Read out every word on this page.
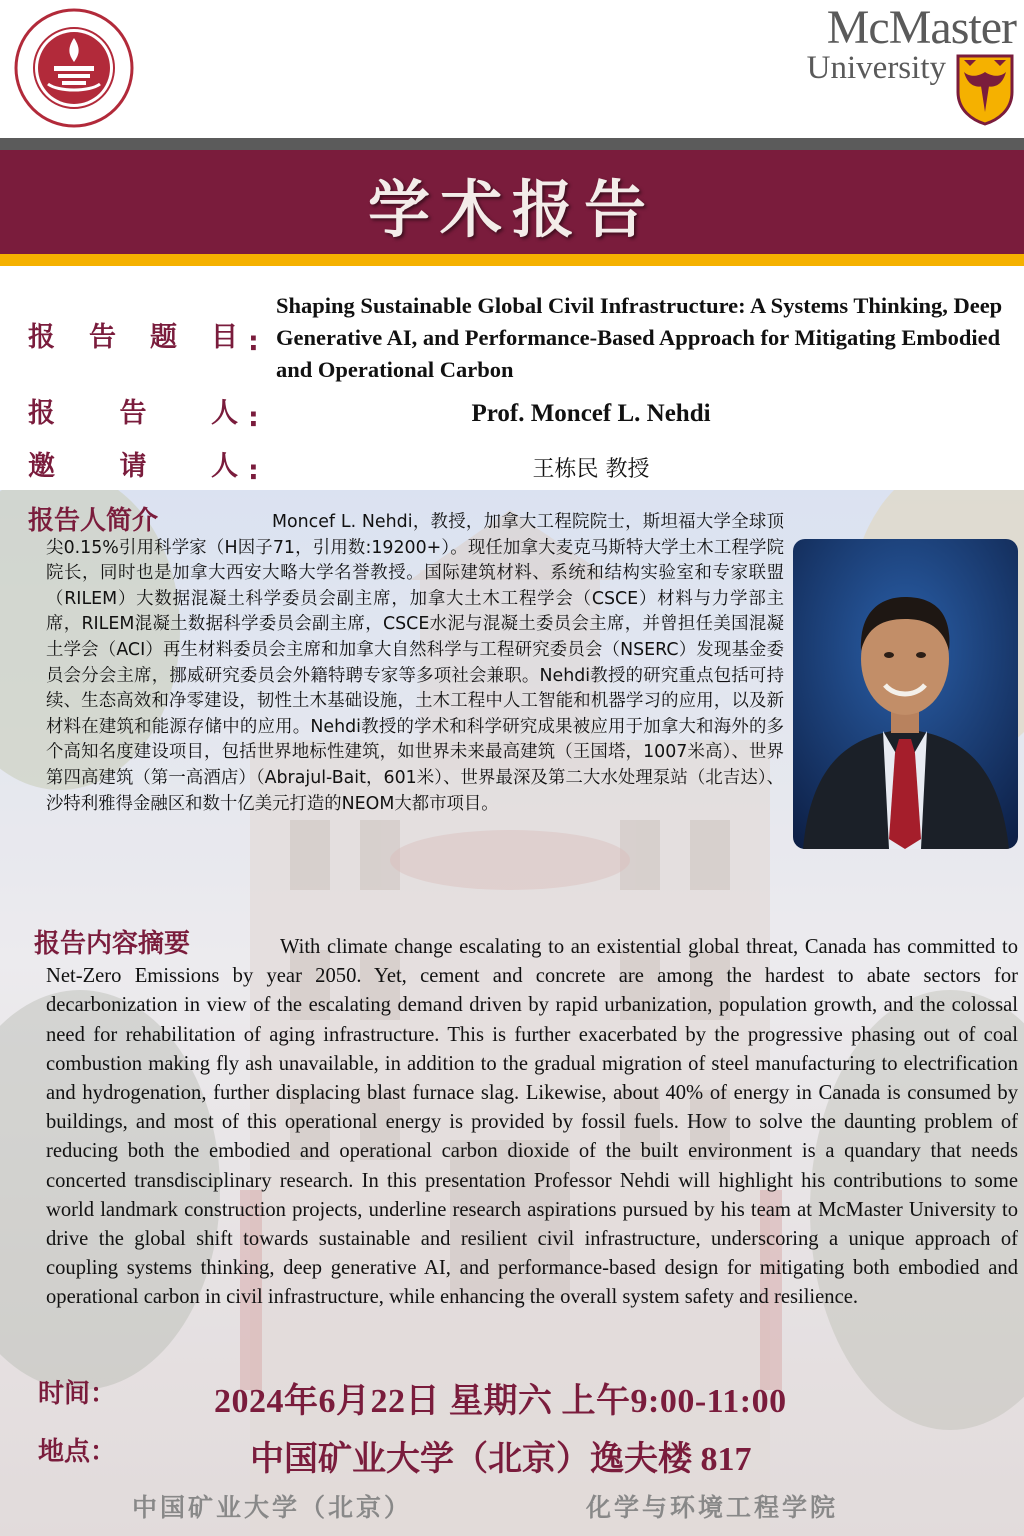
McMaster
University
学术报告
报 告 题 目 :
Shaping Sustainable Global Civil Infrastructure: A Systems Thinking, Deep Generative AI, and Performance-Based Approach for Mitigating Embodied and Operational Carbon
报 告 人 :	Prof. Moncef L. Nehdi
邀 请 人 :	王栋民 教授
报告人简介	Moncef L. Nehdi，教授，加拿大工程院院士，斯坦福大学全球顶尖0.15%引用科学家（H因子71，引用数:19200+）。现任加拿大麦克马斯特大学土木工程学院院长，同时也是加拿大西安大略大学名誉教授。国际建筑材料、系统和结构实验室和专家联盟（RILEM）大数据混凝土科学委员会副主席，加拿大土木工程学会（CSCE）材料与力学部主席，RILEM混凝土数据科学委员会副主席，CSCE水泥与混凝土委员会主席，并曾担任美国混凝土学会（ACI）再生材料委员会主席和加拿大自然科学与工程研究委员会（NSERC）发现基金委员会分会主席，挪威研究委员会外籍特聘专家等多项社会兼职。Nehdi教授的研究重点包括可持续、生态高效和净零建设，韧性土木基础设施，土木工程中人工智能和机器学习的应用，以及新材料在建筑和能源存储中的应用。Nehdi教授的学术和科学研究成果被应用于加拿大和海外的多个高知名度建设项目，包括世界地标性建筑，如世界未来最高建筑（王国塔，1007米高）、世界第四高建筑（第一高酒店）（Abrajul-Bait，601米）、世界最深及第二大水处理泵站（北吉达）、沙特利雅得金融区和数十亿美元打造的NEOM大都市项目。
报告内容摘要	With climate change escalating to an existential global threat, Canada has committed to Net-Zero Emissions by year 2050. Yet, cement and concrete are among the hardest to abate sectors for decarbonization in view of the escalating demand driven by rapid urbanization, population growth, and the colossal need for rehabilitation of aging infrastructure. This is further exacerbated by the progressive phasing out of coal combustion making fly ash unavailable, in addition to the gradual migration of steel manufacturing to electrification and hydrogenation, further displacing blast furnace slag. Likewise, about 40% of energy in Canada is consumed by buildings, and most of this operational energy is provided by fossil fuels. How to solve the daunting problem of reducing both the embodied and operational carbon dioxide of the built environment is a quandary that needs concerted transdisciplinary research. In this presentation Professor Nehdi will highlight his contributions to some world landmark construction projects, underline research aspirations pursued by his team at McMaster University to drive the global shift towards sustainable and resilient civil infrastructure, underscoring a unique approach of coupling systems thinking, deep generative AI, and performance-based design for mitigating both embodied and operational carbon in civil infrastructure, while enhancing the overall system safety and resilience.
时间：	2024年6月22日 星期六 上午9:00-11:00
地点：	中国矿业大学（北京）逸夫楼 817
中国矿业大学（北京）	化学与环境工程学院
